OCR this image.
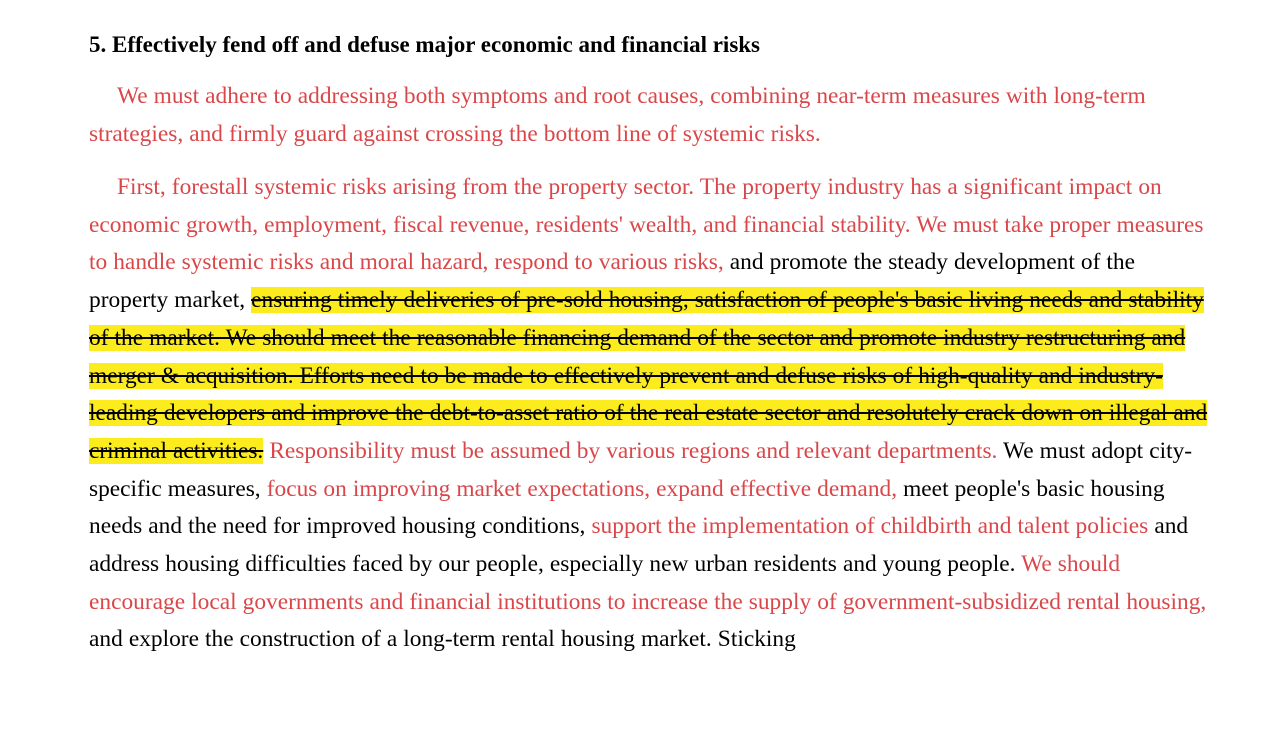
5. Effectively fend off and defuse major economic and financial risks

We must adhere to addressing both symptoms and root causes, combining near-term measures with long-term strategies, and firmly guard against crossing the bottom line of systemic risks.

First, forestall systemic risks arising from the property sector. The property industry has a significant impact on economic growth, employment, fiscal revenue, residents' wealth, and financial stability. We must take proper measures to handle systemic risks and moral hazard, respond to various risks, and promote the steady development of the property market, ensuring timely deliveries of pre-sold housing, satisfaction of people's basic living needs and stability of the market. We should meet the reasonable financing demand of the sector and promote industry restructuring and merger & acquisition. Efforts need to be made to effectively prevent and defuse risks of high-quality and industry-leading developers and improve the debt-to-asset ratio of the real estate sector and resolutely crack down on illegal and criminal activities. Responsibility must be assumed by various regions and relevant departments. We must adopt city-specific measures, focus on improving market expectations, expand effective demand, meet people's basic housing needs and the need for improved housing conditions, support the implementation of childbirth and talent policies and address housing difficulties faced by our people, especially new urban residents and young people. We should encourage local governments and financial institutions to increase the supply of government-subsidized rental housing, and explore the construction of a long-term rental housing market. Sticking
